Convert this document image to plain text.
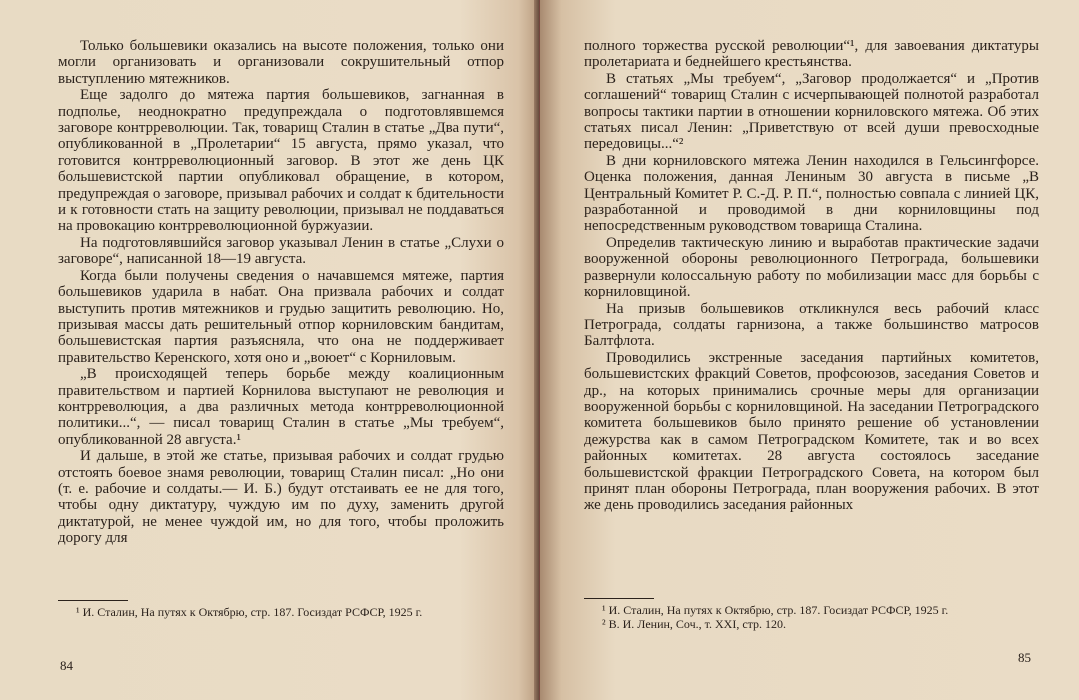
Только большевики оказались на высоте положения, только они могли организовать и организовали сокрушительный отпор выступлению мятежников.

Еще задолго до мятежа партия большевиков, загнанная в подполье, неоднократно предупреждала о подготовлявшемся заговоре контрреволюции. Так, товарищ Сталин в статье „Два пути“, опубликованной в „Пролетарии“ 15 августа, прямо указал, что готовится контрреволюционный заговор. В этот же день ЦК большевистской партии опубликовал обращение, в котором, предупреждая о заговоре, призывал рабочих и солдат к бдительности и к готовности стать на защиту революции, призывал не поддаваться на провокацию контрреволюционной буржуазии.

На подготовлявшийся заговор указывал Ленин в статье „Слухи о заговоре“, написанной 18—19 августа.

Когда были получены сведения о начавшемся мятеже, партия большевиков ударила в набат. Она призвала рабочих и солдат выступить против мятежников и грудью защитить революцию. Но, призывая массы дать решительный отпор корниловским бандитам, большевистская партия разъясняла, что она не поддерживает правительство Керенского, хотя оно и „воюет“ с Корниловым.

„В происходящей теперь борьбе между коалиционным правительством и партией Корнилова выступают не революция и контрреволюция, а два различных метода контрреволюционной политики...“, — писал товарищ Сталин в статье „Мы требуем“, опубликованной 28 августа.¹

И дальше, в этой же статье, призывая рабочих и солдат грудью отстоять боевое знамя революции, товарищ Сталин писал: „Но они (т. е. рабочие и солдаты.— И. Б.) будут отстаивать ее не для того, чтобы одну диктатуру, чуждую им по духу, заменить другой диктатурой, не менее чуждой им, но для того, чтобы проложить дорогу для

¹ И. Сталин, На путях к Октябрю, стр. 187. Госиздат РСФСР, 1925 г.
84

полного торжества русской революции“¹, для завоевания диктатуры пролетариата и беднейшего крестьянства.

В статьях „Мы требуем“, „Заговор продолжается“ и „Против соглашений“ товарищ Сталин с исчерпывающей полнотой разработал вопросы тактики партии в отношении корниловского мятежа. Об этих статьях писал Ленин: „Приветствую от всей души превосходные передовицы...“²

В дни корниловского мятежа Ленин находился в Гельсингфорсе. Оценка положения, данная Лениным 30 августа в письме „В Центральный Комитет Р. С.-Д. Р. П.“, полностью совпала с линией ЦК, разработанной и проводимой в дни корниловщины под непосредственным руководством товарища Сталина.

Определив тактическую линию и выработав практические задачи вооруженной обороны революционного Петрограда, большевики развернули колоссальную работу по мобилизации масс для борьбы с корниловщиной.

На призыв большевиков откликнулся весь рабочий класс Петрограда, солдаты гарнизона, а также большинство матросов Балтфлота.

Проводились экстренные заседания партийных комитетов, большевистских фракций Советов, профсоюзов, заседания Советов и др., на которых принимались срочные меры для организации вооруженной борьбы с корниловщиной. На заседании Петроградского комитета большевиков было принято решение об установлении дежурства как в самом Петроградском Комитете, так и во всех районных комитетах. 28 августа состоялось заседание большевистской фракции Петроградского Совета, на котором был принят план обороны Петрограда, план вооружения рабочих. В этот же день проводились заседания районных

¹ И. Сталин, На путях к Октябрю, стр. 187. Госиздат РСФСР, 1925 г.
² В. И. Ленин, Соч., т. XXI, стр. 120.
85
